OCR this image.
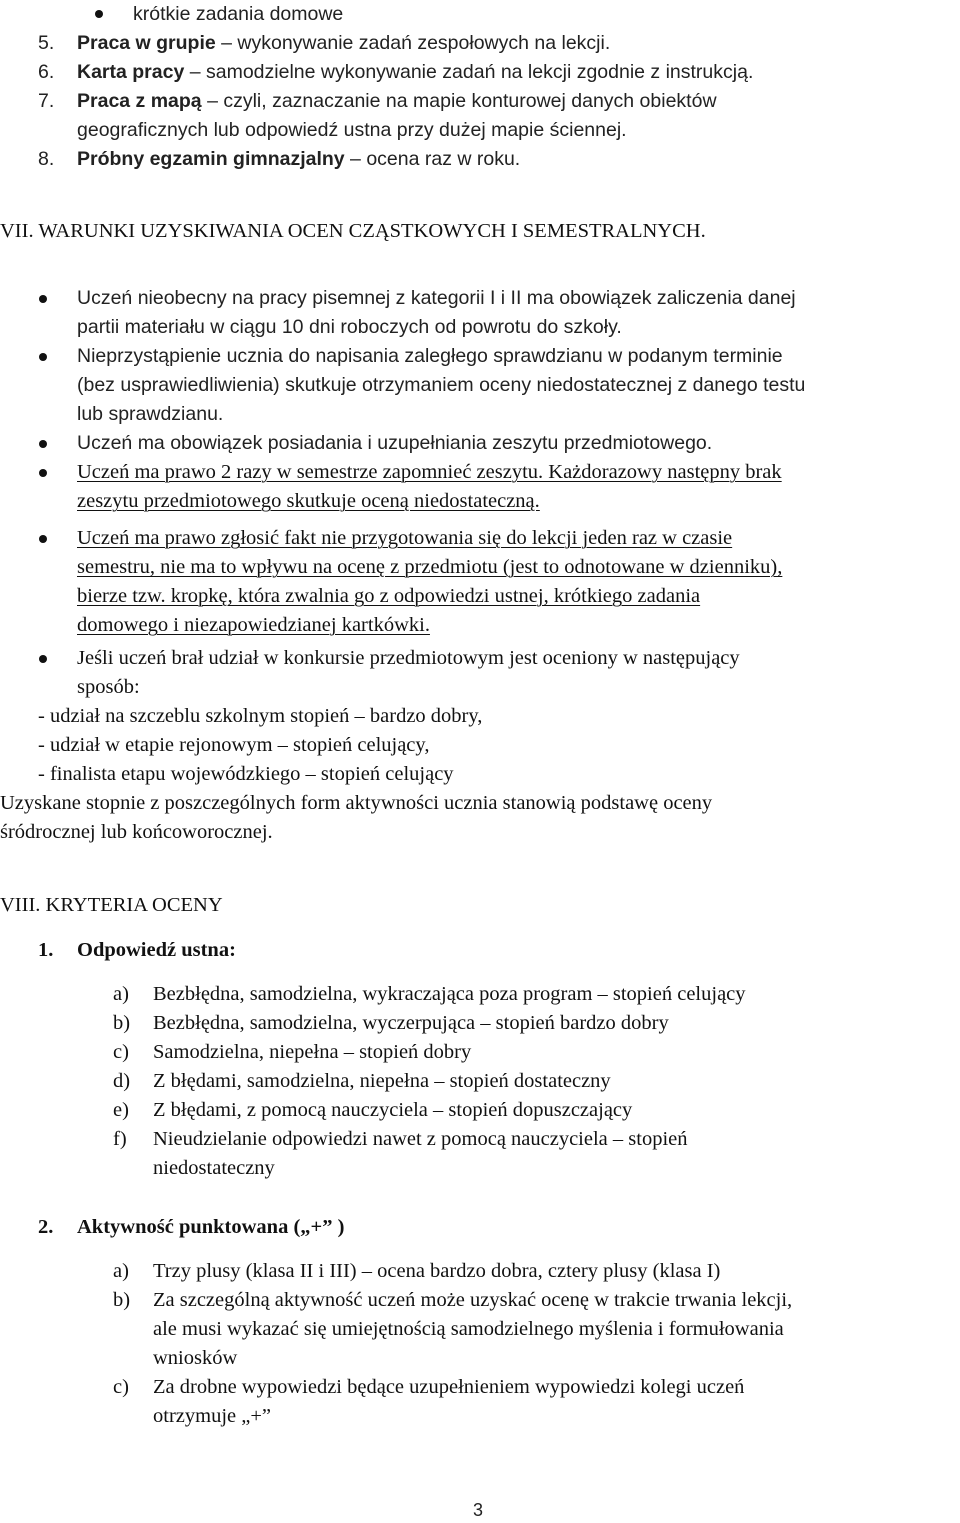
krótkie zadania domowe
5. Praca w grupie – wykonywanie zadań zespołowych na lekcji.
6. Karta pracy – samodzielne wykonywanie zadań na lekcji zgodnie z instrukcją.
7. Praca z mapą – czyli, zaznaczanie na mapie konturowej danych obiektów
geograficznych lub odpowiedź ustna przy dużej mapie ściennej.
8. Próbny egzamin gimnazjalny – ocena raz w roku.
VII. WARUNKI UZYSKIWANIA OCEN CZĄSTKOWYCH I SEMESTRALNYCH.
Uczeń nieobecny na pracy pisemnej z kategorii I i II ma obowiązek zaliczenia danej
partii materiału w ciągu 10 dni roboczych od powrotu do szkoły.
Nieprzystąpienie ucznia do napisania zaległego sprawdzianu w podanym terminie
(bez usprawiedliwienia) skutkuje otrzymaniem oceny niedostatecznej z danego testu
lub sprawdzianu.
Uczeń ma obowiązek posiadania i uzupełniania zeszytu przedmiotowego.
Uczeń ma prawo 2 razy w semestrze zapomnieć zeszytu. Każdorazowy następny brak
zeszytu przedmiotowego skutkuje oceną niedostateczną.
Uczeń ma prawo zgłosić fakt nie przygotowania się do lekcji jeden raz w czasie
semestru, nie ma to wpływu na ocenę z przedmiotu (jest to odnotowane w dzienniku),
bierze tzw. kropkę, która zwalnia go z odpowiedzi ustnej, krótkiego zadania
domowego i niezapowiedzianej kartkówki.
Jeśli uczeń brał udział w konkursie przedmiotowym jest oceniony w następujący
sposób:
- udział na szczeblu szkolnym stopień – bardzo dobry,
- udział w etapie rejonowym – stopień celujący,
- finalista etapu wojewódzkiego – stopień celujący
Uzyskane stopnie z poszczególnych form aktywności ucznia stanowią podstawę oceny
śródrocznej lub końcoworocznej.
VIII. KRYTERIA OCENY
1. Odpowiedź ustna:
a) Bezbłędna, samodzielna, wykraczająca poza program – stopień celujący
b) Bezbłędna, samodzielna, wyczerpująca – stopień bardzo dobry
c) Samodzielna, niepełna – stopień dobry
d) Z błędami, samodzielna, niepełna – stopień dostateczny
e) Z błędami, z pomocą nauczyciela – stopień dopuszczający
f) Nieudzielanie odpowiedzi nawet z pomocą nauczyciela – stopień
niedostateczny
2. Aktywność punktowana („+” )
a) Trzy plusy (klasa II i III) – ocena bardzo dobra, cztery plusy (klasa I)
b) Za szczególną aktywność uczeń może uzyskać ocenę w trakcie trwania lekcji,
ale musi wykazać się umiejętnością samodzielnego myślenia i formułowania
wniosków
c) Za drobne wypowiedzi będące uzupełnieniem wypowiedzi kolegi uczeń
otrzymuje „+”
3
